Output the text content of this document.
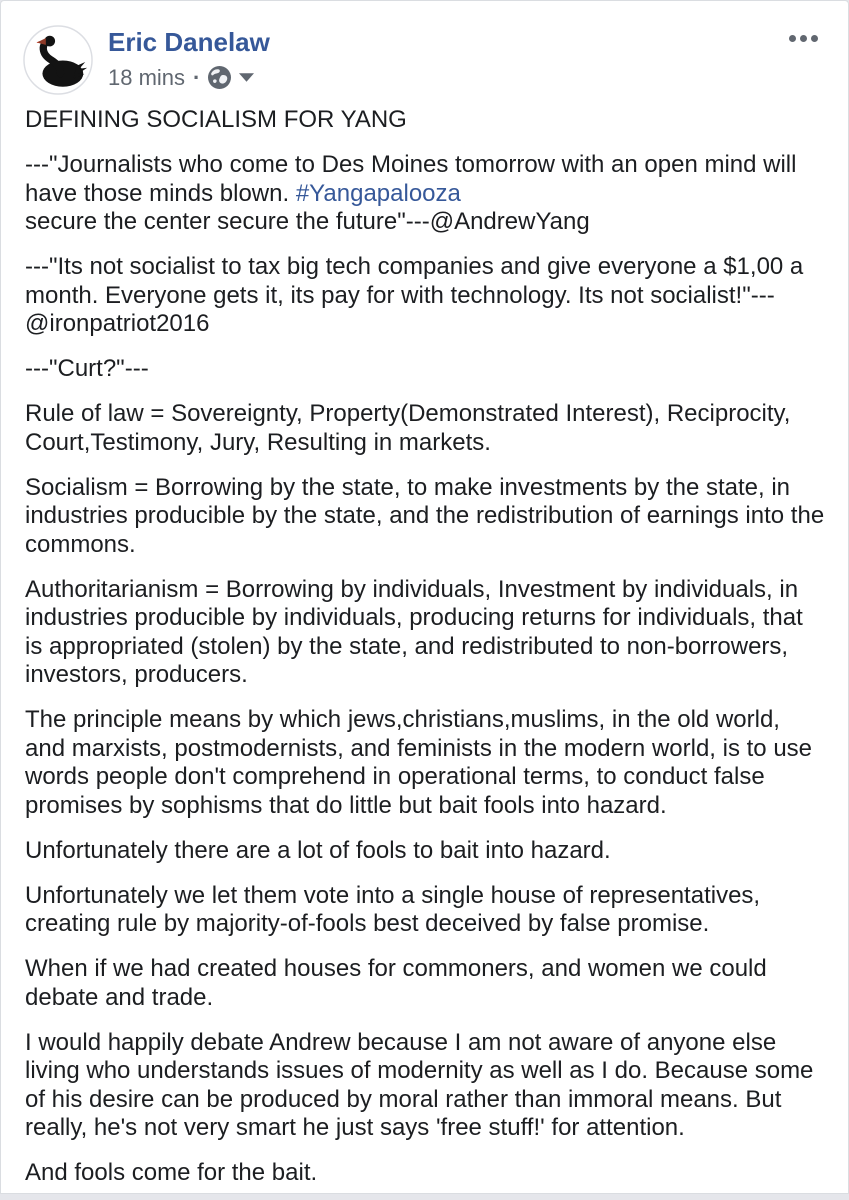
Eric Danelaw
18 mins ·

DEFINING SOCIALISM FOR YANG

---"Journalists who come to Des Moines tomorrow with an open mind will have those minds blown. #Yangapalooza
secure the center secure the future"---@AndrewYang

---"Its not socialist to tax big tech companies and give everyone a $1,00 a month. Everyone gets it, its pay for with technology. Its not socialist!"---@ironpatriot2016

---"Curt?"---

Rule of law = Sovereignty, Property(Demonstrated Interest), Reciprocity, Court,Testimony, Jury, Resulting in markets.

Socialism = Borrowing by the state, to make investments by the state, in industries producible by the state, and the redistribution of earnings into the commons.

Authoritarianism = Borrowing by individuals, Investment by individuals, in industries producible by individuals, producing returns for individuals, that is appropriated (stolen) by the state, and redistributed to non-borrowers, investors, producers.

The principle means by which jews,christians,muslims, in the old world, and marxists, postmodernists, and feminists in the modern world, is to use words people don't comprehend in operational terms, to conduct false promises by sophisms that do little but bait fools into hazard.

Unfortunately there are a lot of fools to bait into hazard.

Unfortunately we let them vote into a single house of representatives, creating rule by majority-of-fools best deceived by false promise.

When if we had created houses for commoners, and women we could debate and trade.

I would happily debate Andrew because I am not aware of anyone else living who understands issues of modernity as well as I do. Because some of his desire can be produced by moral rather than immoral means. But really, he's not very smart he just says 'free stuff!' for attention.

And fools come for the bait.
